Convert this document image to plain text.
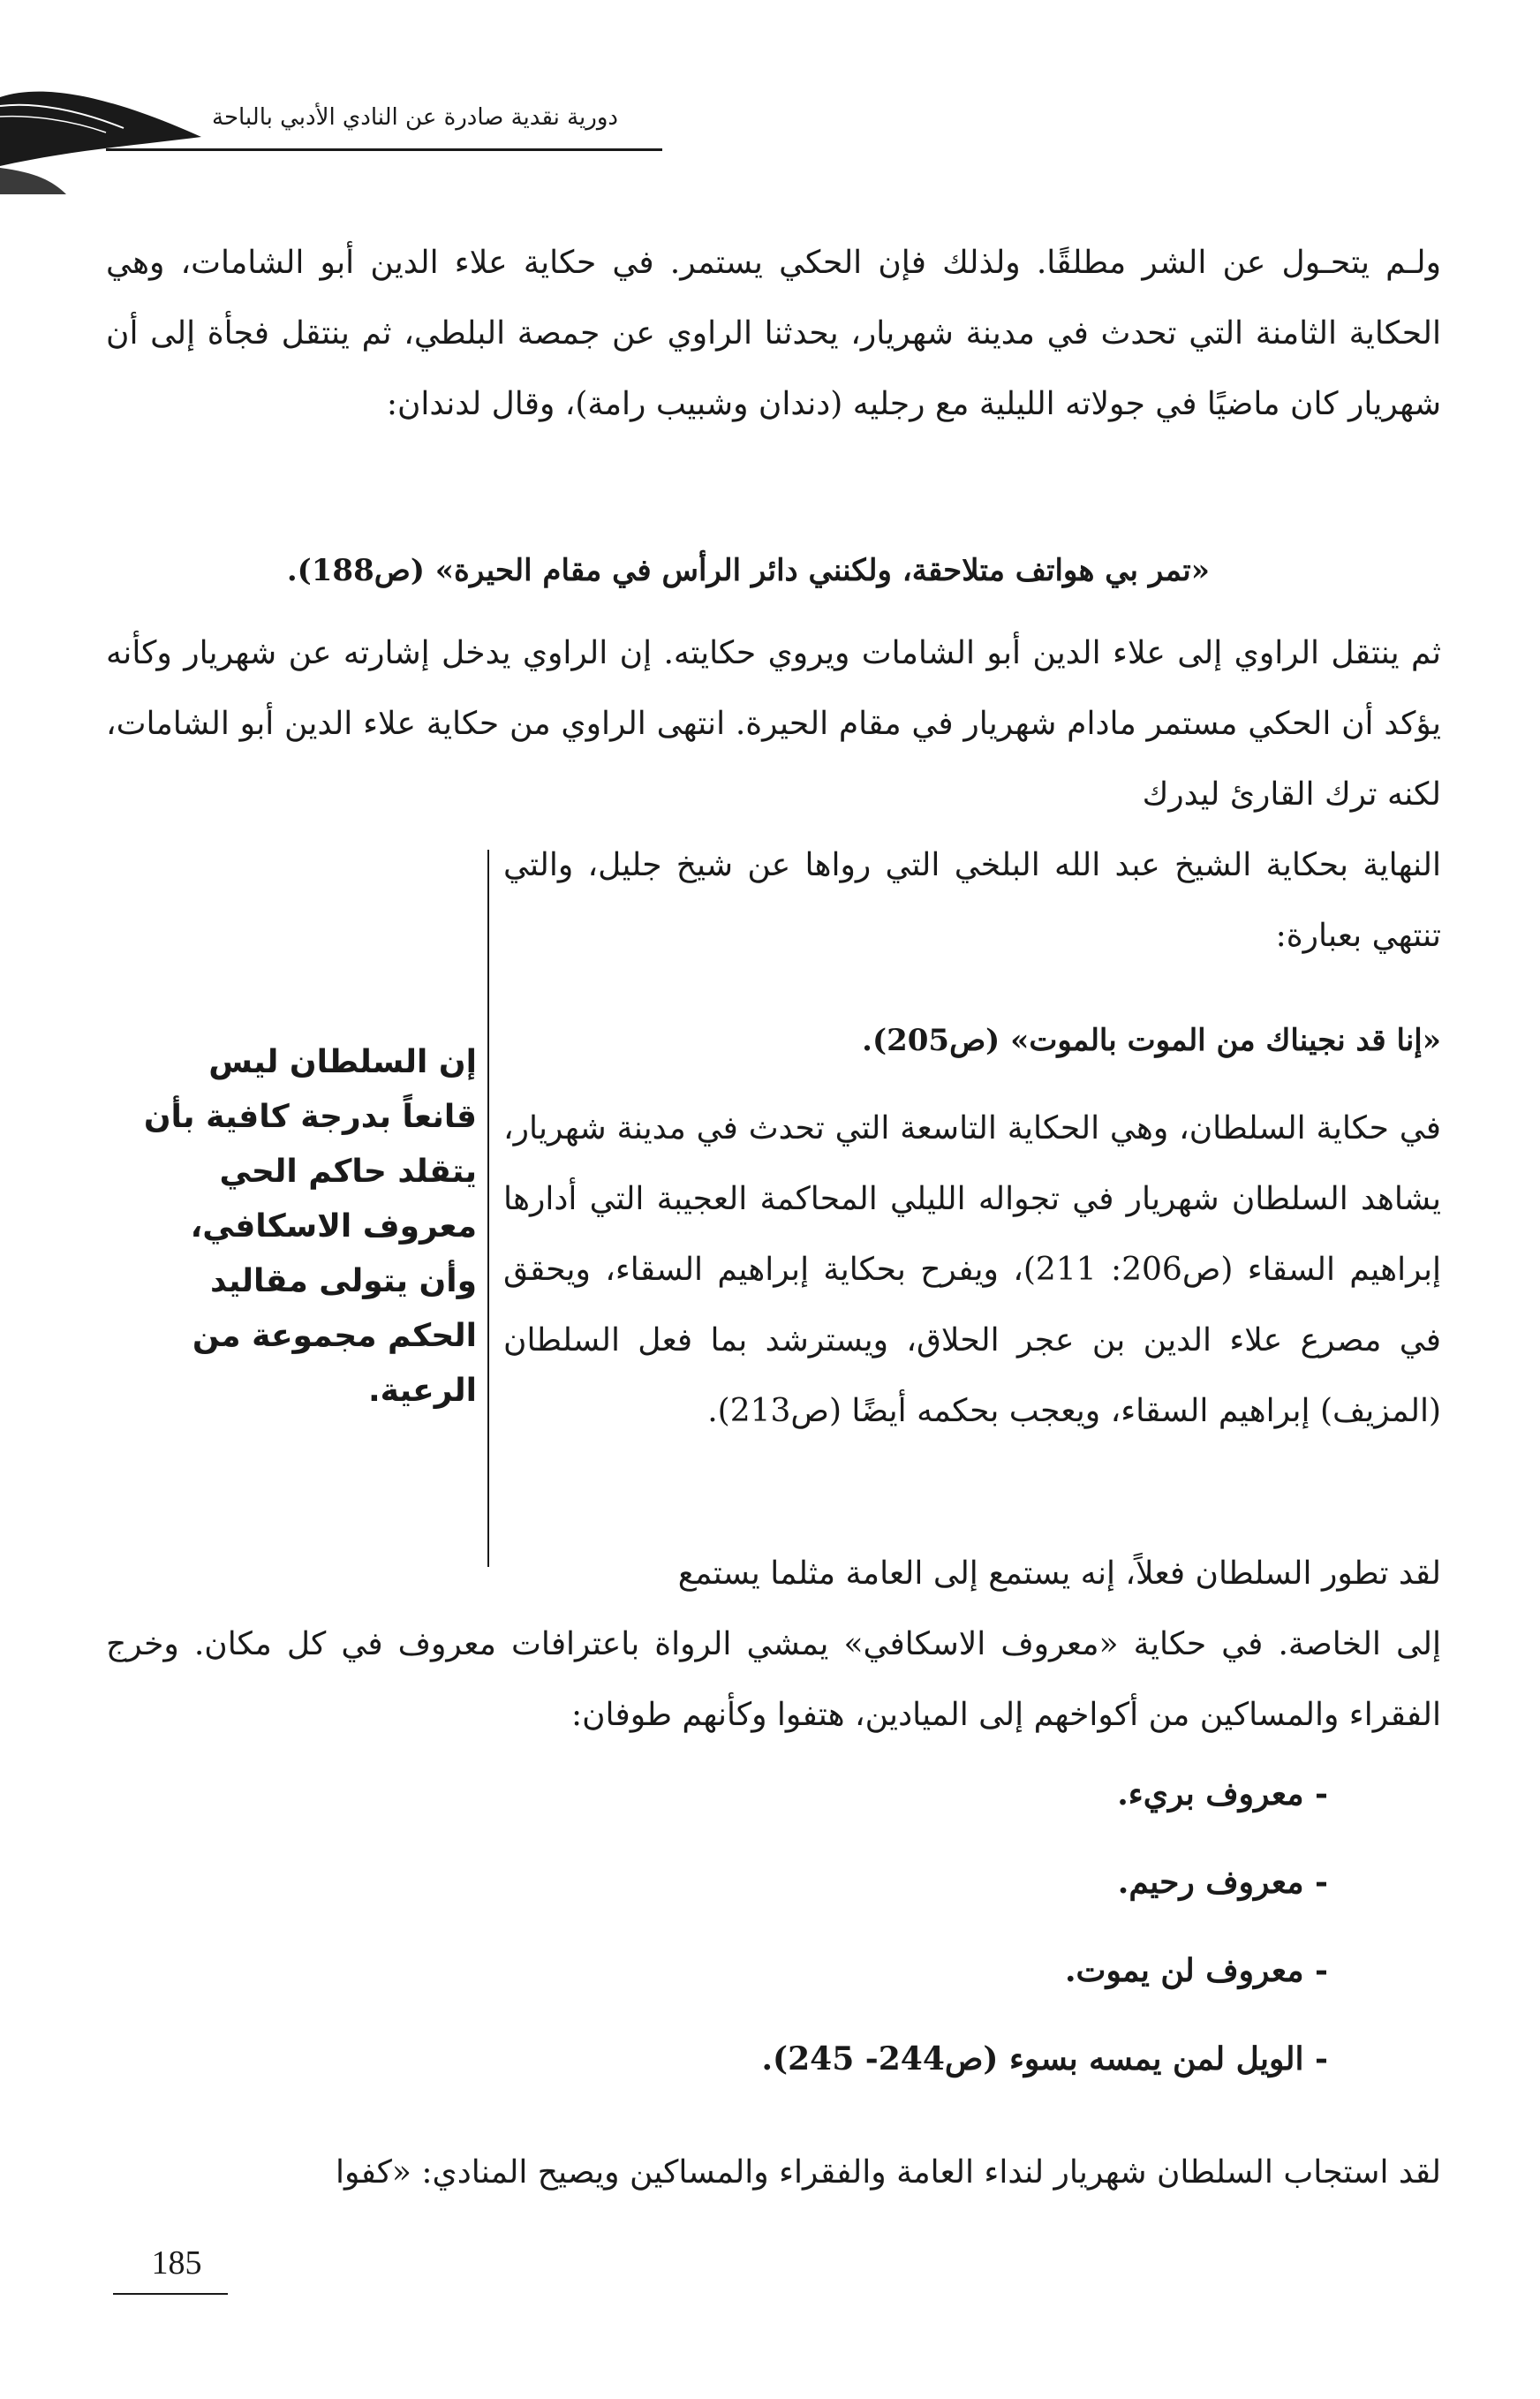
دورية نقدية صادرة عن النادي الأدبي بالباحة

ولـم يتحـول عن الشر مطلقًا. ولذلك فإن الحكي يستمر. في حكاية علاء الدين أبو الشامات، وهي الحكاية الثامنة التي تحدث في مدينة شهريار، يحدثنا الراوي عن جمصة البلطي، ثم ينتقل فجأة إلى أن شهريار كان ماضيًا في جولاته الليلية مع رجليه (دندان وشبيب رامة)، وقال لدندان:

«تمر بي هواتف متلاحقة، ولكنني دائر الرأس في مقام الحيرة» (ص188).

ثم ينتقل الراوي إلى علاء الدين أبو الشامات ويروي حكايته. إن الراوي يدخل إشارته عن شهريار وكأنه يؤكد أن الحكي مستمر مادام شهريار في مقام الحيرة. انتهى الراوي من حكاية علاء الدين أبو الشامات، لكنه ترك القارئ ليدرك

النهاية بحكاية الشيخ عبد الله البلخي التي رواها عن شيخ جليل، والتي تنتهي بعبارة:

إن السلطان ليس قانعاً بدرجة كافية بأن يتقلد حاكم الحي معروف الاسكافي، وأن يتولى مقاليد الحكم مجموعة من الرعية.

«إنا قد نجيناك من الموت بالموت» (ص205).

في حكاية السلطان، وهي الحكاية التاسعة التي تحدث في مدينة شهريار، يشاهد السلطان شهريار في تجواله الليلي المحاكمة العجيبة التي أدارها إبراهيم السقاء (ص206: 211)، ويفرح بحكاية إبراهيم السقاء، ويحقق في مصرع علاء الدين بن عجر الحلاق، ويسترشد بما فعل السلطان (المزيف) إبراهيم السقاء، ويعجب بحكمه أيضًا (ص213).

لقد تطور السلطان فعلاً، إنه يستمع إلى العامة مثلما يستمع

إلى الخاصة. في حكاية «معروف الاسكافي» يمشي الرواة باعترافات معروف في كل مكان. وخرج الفقراء والمساكين من أكواخهم إلى الميادين، هتفوا وكأنهم طوفان:

- معروف بريء.

- معروف رحيم.

- معروف لن يموت.

- الويل لمن يمسه بسوء (ص244- 245).

لقد استجاب السلطان شهريار لنداء العامة والفقراء والمساكين ويصيح المنادي: «كفوا

185
